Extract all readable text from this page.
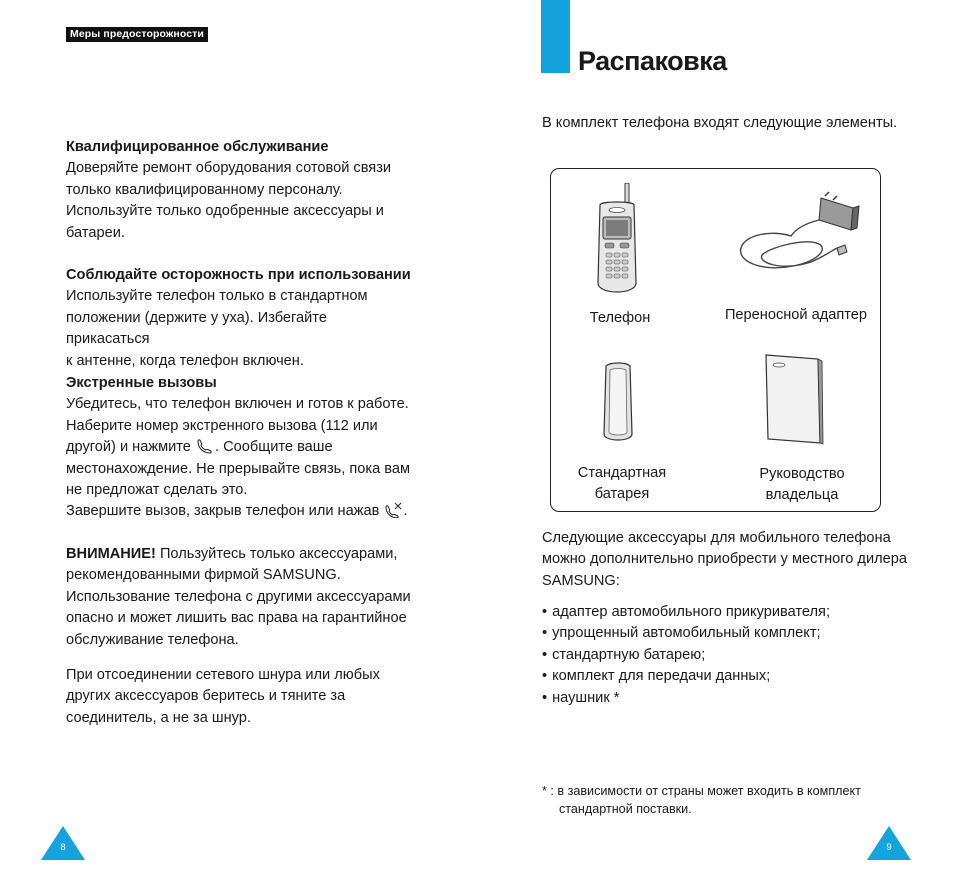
Меры предосторожности

Квалифицированное обслуживание

Доверяйте ремонт оборудования сотовой связи

только квалифицированному персоналу.

Используйте только одобренные аксессуары и

батареи.

Соблюдайте осторожность при использовании

Используйте телефон только в стандартном

положении (держите у уха). Избегайте прикасаться

к антенне, когда телефон включен.

Экстренные вызовы

Убедитесь, что телефон включен и готов к работе.

Наберите номер экстренного вызова (112 или

другой) и нажмите . Сообщите ваше

местонахождение. Не прерывайте связь, пока вам

не предложат сделать это.

Завершите вызов, закрыв телефон или нажав .

ВНИМАНИЕ! Пользуйтесь только аксессуарами,

рекомендованными фирмой SAMSUNG.

Использование телефона с другими аксессуарами

опасно и может лишить вас права на гарантийное

обслуживание телефона.

При отсоединении сетевого шнура или любых

других аксессуаров беритесь и тяните за

соединитель, а не за шнур.

8
Распаковка
В комплект телефона входят следующие элементы.
Телефон	Переносной адаптер
Стандартная
батарея
Руководство
владельца

Следующие аксессуары для мобильного телефона

можно дополнительно приобрести у местного дилера

SAMSUNG:

• адаптер автомобильного прикуривателя;
• упрощенный автомобильный комплект;
• стандартную батарею;
• комплект для передачи данных;
• наушник *
* : в зависимости от страны может входить в комплект
стандартной поставки.
9
